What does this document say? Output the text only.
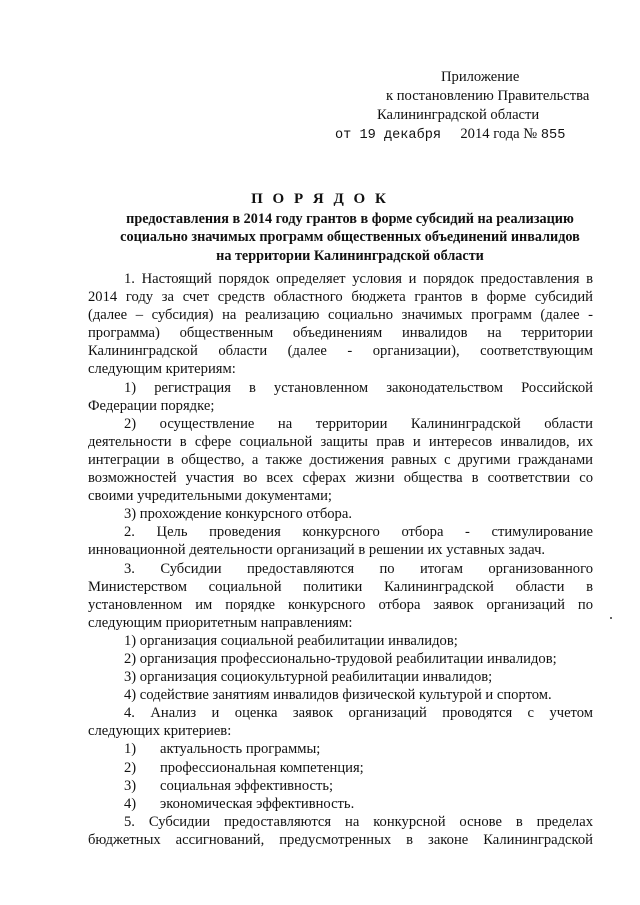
Приложение
к постановлению Правительства
Калининградской области
от 19 декабря 2014 года № 855
П О Р Я Д О К
предоставления в 2014 году грантов в форме субсидий на реализацию
социально значимых программ общественных объединений инвалидов
на территории Калининградской области
1. Настоящий порядок определяет условия и порядок предоставления в
2014 году за счет средств областного бюджета грантов в форме субсидий
(далее – субсидия) на реализацию социально значимых программ (далее -
программа) общественным объединениям инвалидов на территории
Калининградской области (далее - организации), соответствующим
следующим критериям:
1) регистрация в установленном законодательством Российской
Федерации порядке;
2) осуществление на территории Калининградской области
деятельности в сфере социальной защиты прав и интересов инвалидов, их
интеграции в общество, а также достижения равных с другими гражданами
возможностей участия во всех сферах жизни общества в соответствии со
своими учредительными документами;
3) прохождение конкурсного отбора.
2. Цель проведения конкурсного отбора - стимулирование
инновационной деятельности организаций в решении их уставных задач.
3. Субсидии предоставляются по итогам организованного
Министерством социальной политики Калининградской области в
установленном им порядке конкурсного отбора заявок организаций по
следующим приоритетным направлениям:
1) организация социальной реабилитации инвалидов;
2) организация профессионально-трудовой реабилитации инвалидов;
3) организация социокультурной реабилитации инвалидов;
4) содействие занятиям инвалидов физической культурой и спортом.
4. Анализ и оценка заявок организаций проводятся с учетом
следующих критериев:
1)	актуальность программы;
2)	профессиональная компетенция;
3)	социальная эффективность;
4)	экономическая эффективность.
5. Субсидии предоставляются на конкурсной основе в пределах
бюджетных ассигнований, предусмотренных в законе Калининградской
